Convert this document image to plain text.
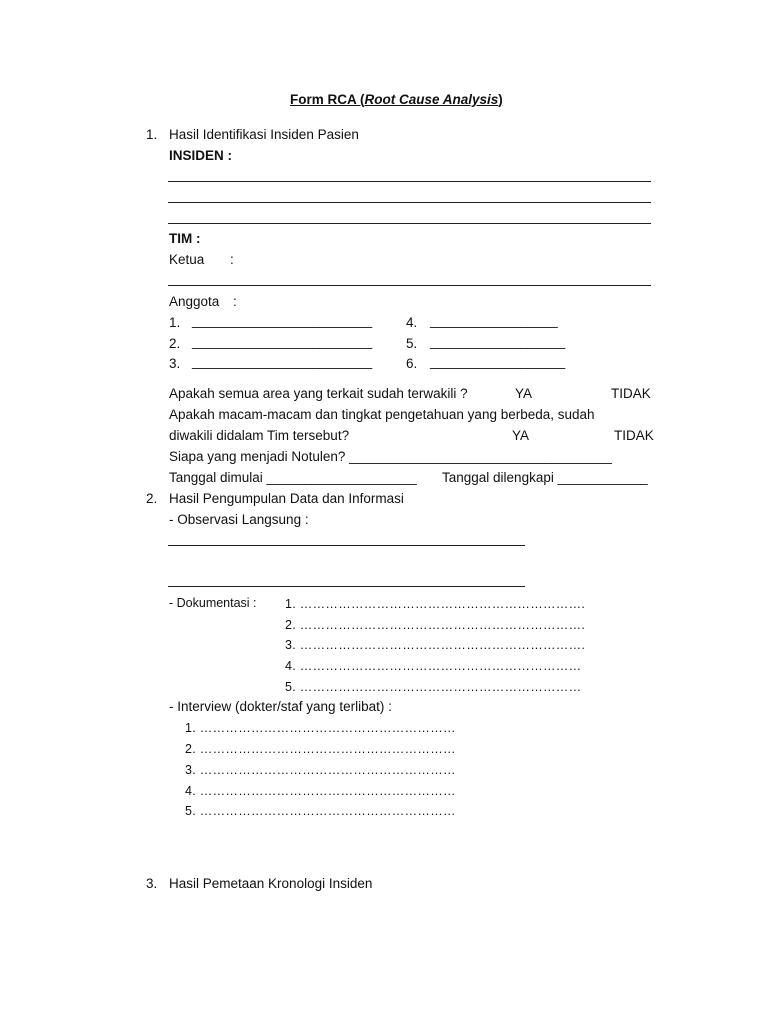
Form RCA (Root Cause Analysis)
1. Hasil Identifikasi Insiden Pasien
INSIDEN :
TIM :
Ketua :
Anggota :
1. ________________________
2. ________________________
3. ________________________
4. _________________
5. __________________
6. __________________
Apakah semua area yang terkait sudah terwakili ?	YA	TIDAK
Apakah macam-macam dan tingkat pengetahuan yang berbeda, sudah
diwakili didalam Tim tersebut?	YA	TIDAK
Siapa yang menjadi Notulen? ___________________________________
Tanggal dimulai ____________________ Tanggal dilengkapi ____________
2. Hasil Pengumpulan Data dan Informasi
- Observasi Langsung :
- Dokumentasi : 1. ………………………………………………………….
2. ………………………………………………………….
3. ………………………………………………………….
4. …………………………………………………………
5. …………………………………………………………
- Interview (dokter/staf yang terlibat) :
1. ……………………………………………………
2. ……………………………………………………
3. ……………………………………………………
4. ……………………………………………………
5. ……………………………………………………
3. Hasil Pemetaan Kronologi Insiden
